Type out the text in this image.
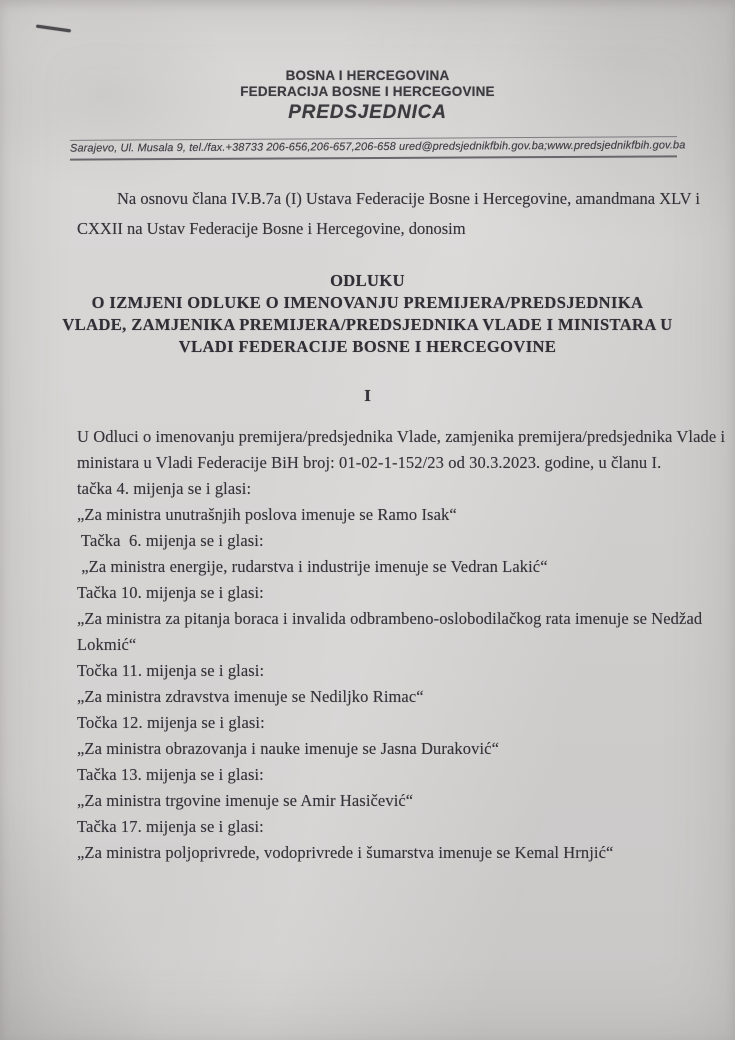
BOSNA I HERCEGOVINA
FEDERACIJA BOSNE I HERCEGOVINE
PREDSJEDNICA
Sarajevo, Ul. Musala 9, tel./fax.+38733 206-656,206-657,206-658 ured@predsjednikfbih.gov.ba;www.predsjednikfbih.gov.ba
Na osnovu člana IV.B.7a (I) Ustava Federacije Bosne i Hercegovine, amandmana XLV i
CXXII na Ustav Federacije Bosne i Hercegovine, donosim
ODLUKU
O IZMJENI ODLUKE O IMENOVANJU PREMIJERA/PREDSJEDNIKA
VLADE, ZAMJENIKA PREMIJERA/PREDSJEDNIKA VLADE I MINISTARA U
VLADI FEDERACIJE BOSNE I HERCEGOVINE
I
U Odluci o imenovanju premijera/predsjednika Vlade, zamjenika premijera/predsjednika Vlade i
ministara u Vladi Federacije BiH broj: 01-02-1-152/23 od 30.3.2023. godine, u članu I.
tačka 4. mijenja se i glasi:
„Za ministra unutrašnjih poslova imenuje se Ramo Isak“
Tačka  6. mijenja se i glasi:
„Za ministra energije, rudarstva i industrije imenuje se Vedran Lakić“
Tačka 10. mijenja se i glasi:
„Za ministra za pitanja boraca i invalida odbrambeno-oslobodilačkog rata imenuje se Nedžad
Lokmić“
Točka 11. mijenja se i glasi:
„Za ministra zdravstva imenuje se Nediljko Rimac“
Točka 12. mijenja se i glasi:
„Za ministra obrazovanja i nauke imenuje se Jasna Duraković“
Tačka 13. mijenja se i glasi:
„Za ministra trgovine imenuje se Amir Hasičević“
Tačka 17. mijenja se i glasi:
„Za ministra poljoprivrede, vodoprivrede i šumarstva imenuje se Kemal Hrnjić“
